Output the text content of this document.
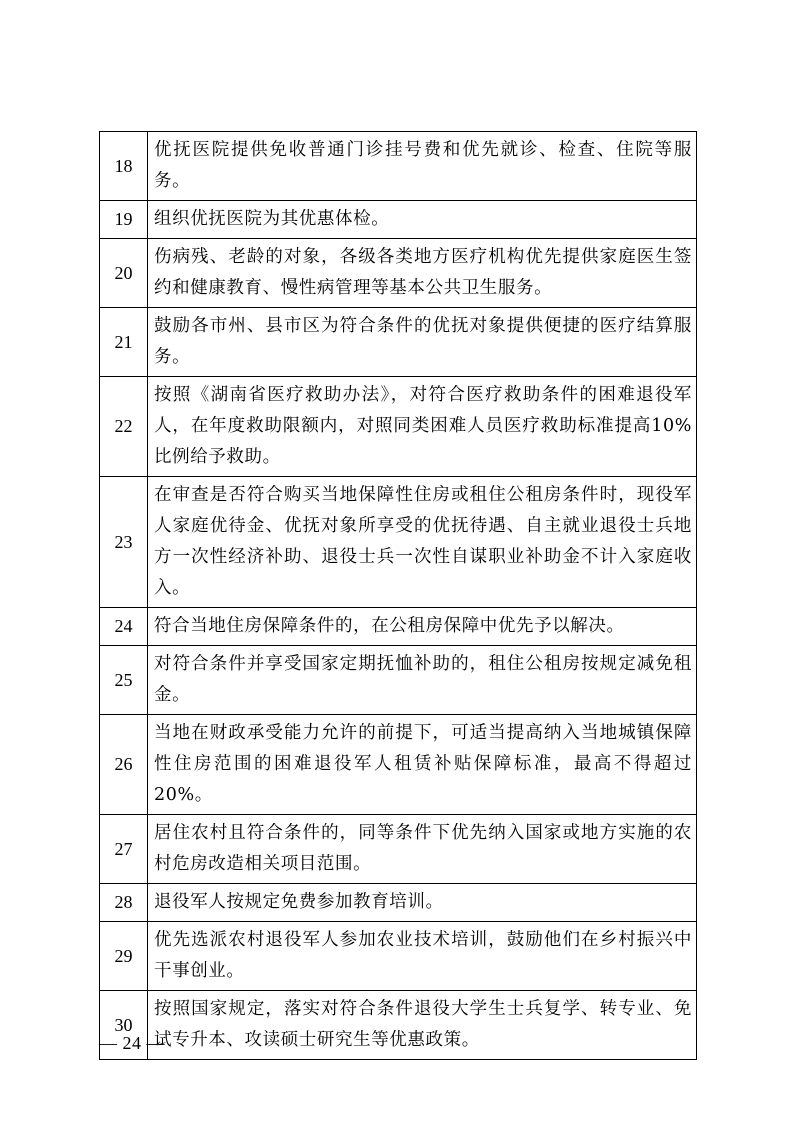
18	优抚医院提供免收普通门诊挂号费和优先就诊、检查、住院等服务。
19	组织优抚医院为其优惠体检。
20	伤病残、老龄的对象，各级各类地方医疗机构优先提供家庭医生签约和健康教育、慢性病管理等基本公共卫生服务。
21	鼓励各市州、县市区为符合条件的优抚对象提供便捷的医疗结算服务。
22	按照《湖南省医疗救助办法》，对符合医疗救助条件的困难退役军人，在年度救助限额内，对照同类困难人员医疗救助标准提高10%比例给予救助。
23	在审查是否符合购买当地保障性住房或租住公租房条件时，现役军人家庭优待金、优抚对象所享受的优抚待遇、自主就业退役士兵地方一次性经济补助、退役士兵一次性自谋职业补助金不计入家庭收入。
24	符合当地住房保障条件的，在公租房保障中优先予以解决。
25	对符合条件并享受国家定期抚恤补助的，租住公租房按规定减免租金。
26	当地在财政承受能力允许的前提下，可适当提高纳入当地城镇保障性住房范围的困难退役军人租赁补贴保障标准，最高不得超过20%。
27	居住农村且符合条件的，同等条件下优先纳入国家或地方实施的农村危房改造相关项目范围。
28	退役军人按规定免费参加教育培训。
29	优先选派农村退役军人参加农业技术培训，鼓励他们在乡村振兴中干事创业。
30	按照国家规定，落实对符合条件退役大学生士兵复学、转专业、免试专升本、攻读硕士研究生等优惠政策。
— 24 —
